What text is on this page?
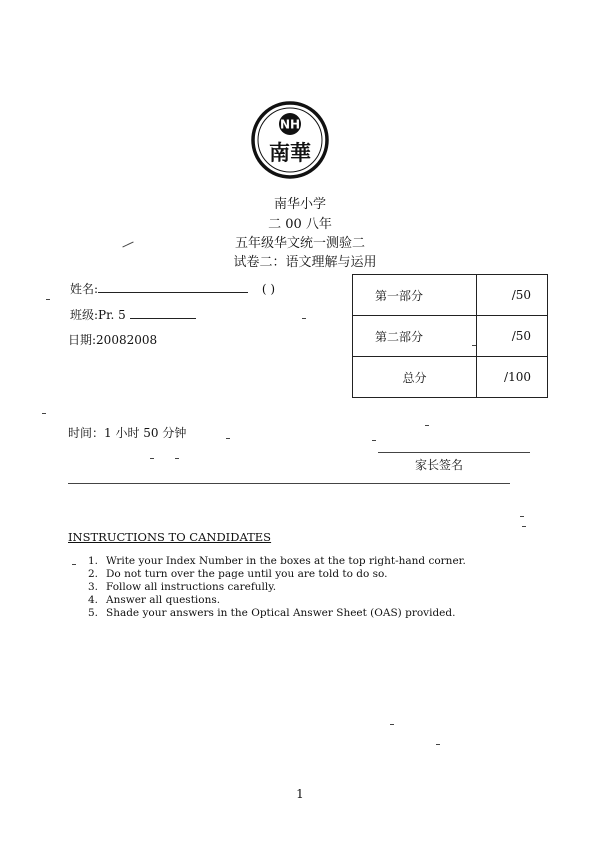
NH
南華
南华小学
二 00 八年
五年级华文统一测验二
试卷二：语文理解与运用
姓名:	( )
班级:Pr. 5
日期:20082008
第一部分	/50
第二部分	/50
总分	/100
时间：1 小时 50 分钟
家长签名
INSTRUCTIONS TO CANDIDATES
1. Write your Index Number in the boxes at the top right-hand corner.
2. Do not turn over the page until you are told to do so.
3. Follow all instructions carefully.
4. Answer all questions.
5. Shade your answers in the Optical Answer Sheet (OAS) provided.
1
